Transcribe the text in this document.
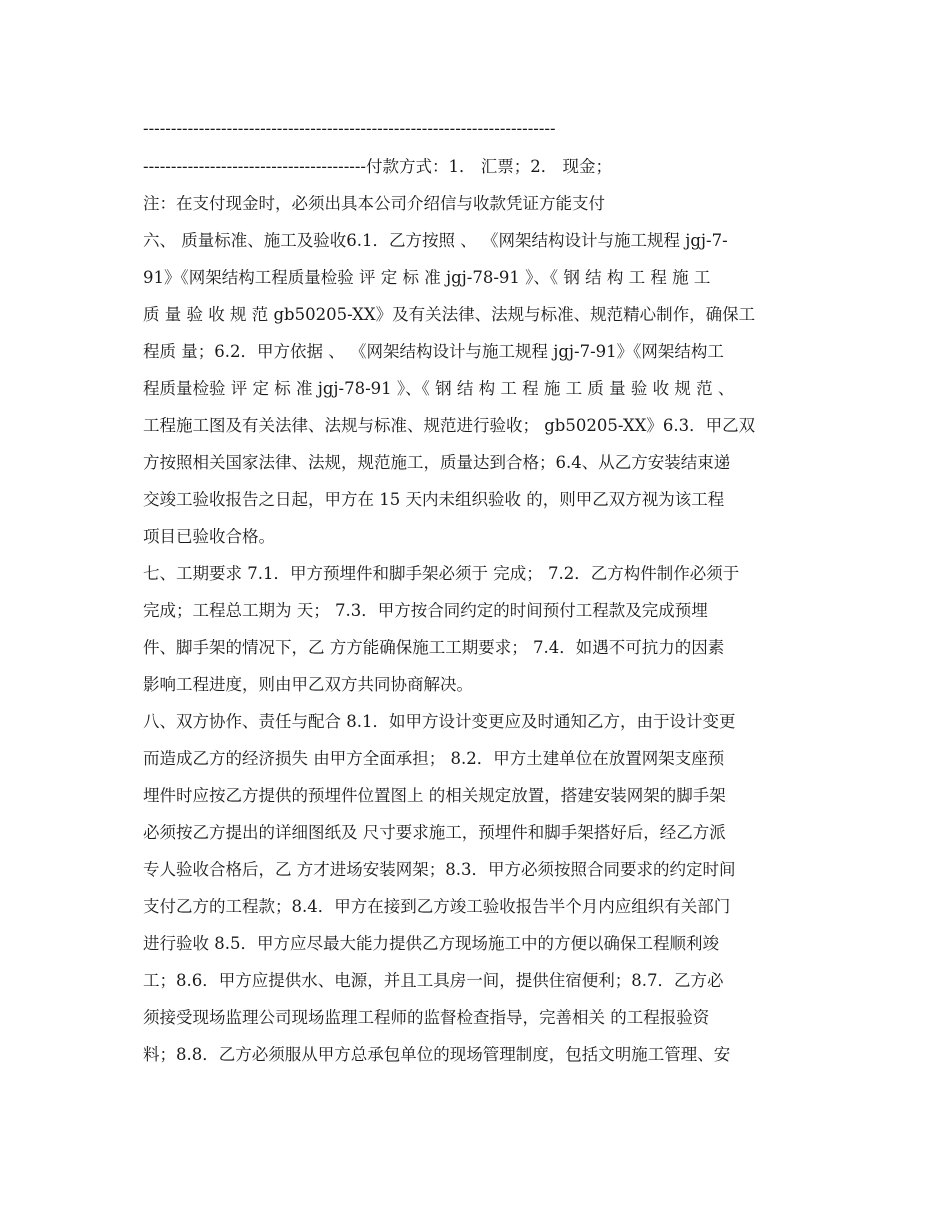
--------------------------------------------------------------------------
----------------------------------------付款方式：1． 汇票；2． 现金；
注：在支付现金时，必须出具本公司介绍信与收款凭证方能支付
六、 质量标准、施工及验收6.1．乙方按照 、 《网架结构设计与施工规程 jgj-7-
91》《网架结构工程质量检验 评 定 标 准 jgj-78-91 》、《 钢 结 构 工 程 施 工
质 量 验 收 规 范 gb50205-XX》及有关法律、法规与标准、规范精心制作，确保工
程质 量；6.2．甲方依据 、 《网架结构设计与施工规程 jgj-7-91》《网架结构工
程质量检验 评 定 标 准 jgj-78-91 》、《 钢 结 构 工 程 施 工 质 量 验 收 规 范 、
工程施工图及有关法律、法规与标准、规范进行验收； gb50205-XX》6.3．甲乙双
方按照相关国家法律、法规，规范施工，质量达到合格；6.4、从乙方安装结束递
交竣工验收报告之日起，甲方在 15 天内未组织验收 的，则甲乙双方视为该工程
项目已验收合格。
七、工期要求 7.1．甲方预埋件和脚手架必须于 完成； 7.2．乙方构件制作必须于
完成；工程总工期为 天； 7.3．甲方按合同约定的时间预付工程款及完成预埋
件、脚手架的情况下，乙 方方能确保施工工期要求； 7.4．如遇不可抗力的因素
影响工程进度，则由甲乙双方共同协商解决。
八、双方协作、责任与配合 8.1．如甲方设计变更应及时通知乙方，由于设计变更
而造成乙方的经济损失 由甲方全面承担； 8.2．甲方土建单位在放置网架支座预
埋件时应按乙方提供的预埋件位置图上 的相关规定放置，搭建安装网架的脚手架
必须按乙方提出的详细图纸及 尺寸要求施工，预埋件和脚手架搭好后，经乙方派
专人验收合格后，乙 方才进场安装网架；8.3．甲方必须按照合同要求的约定时间
支付乙方的工程款；8.4．甲方在接到乙方竣工验收报告半个月内应组织有关部门
进行验收 8.5．甲方应尽最大能力提供乙方现场施工中的方便以确保工程顺利竣
工；8.6．甲方应提供水、电源，并且工具房一间，提供住宿便利；8.7．乙方必
须接受现场监理公司现场监理工程师的监督检查指导，完善相关 的工程报验资
料；8.8．乙方必须服从甲方总承包单位的现场管理制度，包括文明施工管理、安
